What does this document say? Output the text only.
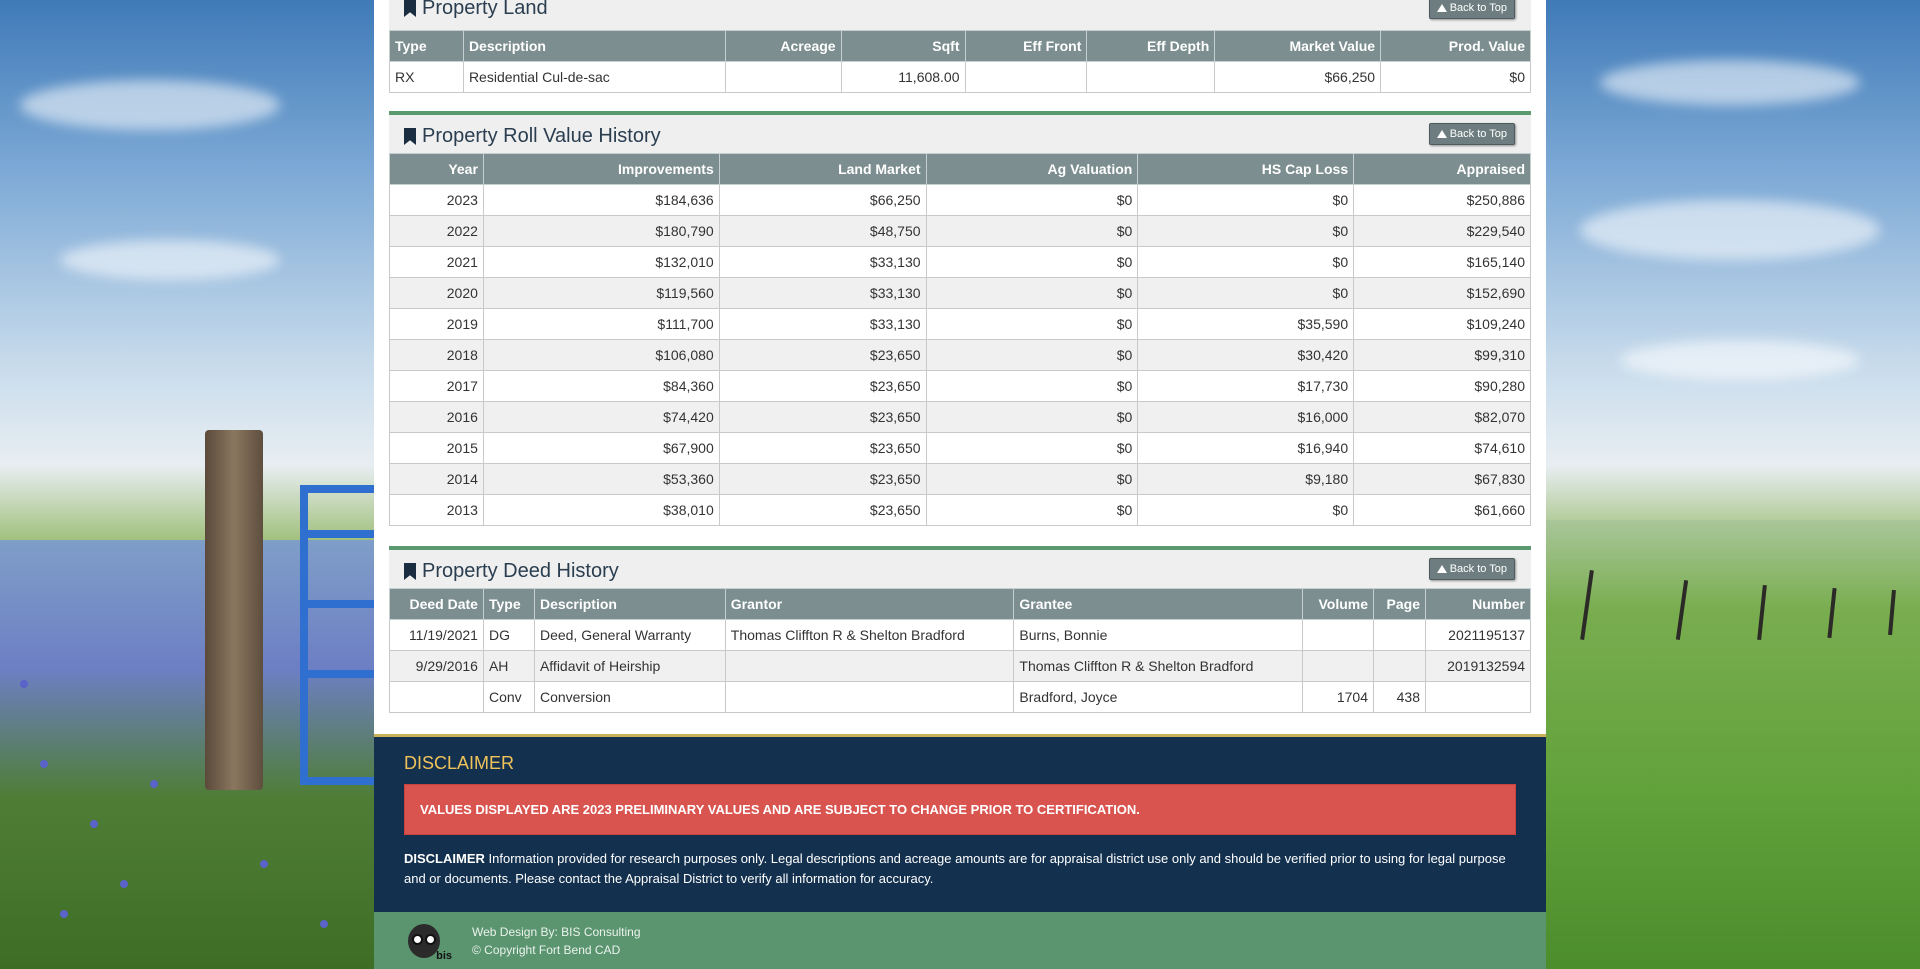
Property Land	Back to Top
Type	Description	Acreage	Sqft	Eff Front	Eff Depth	Market Value	Prod. Value
RX	Residential Cul-de-sac		11,608.00			$66,250	$0
Property Roll Value History	Back to Top
Year	Improvements	Land Market	Ag Valuation	HS Cap Loss	Appraised
2023	$184,636	$66,250	$0	$0	$250,886
2022	$180,790	$48,750	$0	$0	$229,540
2021	$132,010	$33,130	$0	$0	$165,140
2020	$119,560	$33,130	$0	$0	$152,690
2019	$111,700	$33,130	$0	$35,590	$109,240
2018	$106,080	$23,650	$0	$30,420	$99,310
2017	$84,360	$23,650	$0	$17,730	$90,280
2016	$74,420	$23,650	$0	$16,000	$82,070
2015	$67,900	$23,650	$0	$16,940	$74,610
2014	$53,360	$23,650	$0	$9,180	$67,830
2013	$38,010	$23,650	$0	$0	$61,660
Property Deed History	Back to Top
Deed Date	Type	Description	Grantor	Grantee	Volume	Page	Number
11/19/2021	DG	Deed, General Warranty	Thomas Cliffton R & Shelton Bradford	Burns, Bonnie			2021195137
9/29/2016	AH	Affidavit of Heirship		Thomas Cliffton R & Shelton Bradford			2019132594
	Conv	Conversion		Bradford, Joyce	1704	438	
DISCLAIMER
VALUES DISPLAYED ARE 2023 PRELIMINARY VALUES AND ARE SUBJECT TO CHANGE PRIOR TO CERTIFICATION.
DISCLAIMER Information provided for research purposes only. Legal descriptions and acreage amounts are for appraisal district use only and should be verified prior to using for legal purpose and or documents. Please contact the Appraisal District to verify all information for accuracy.
bis
Web Design By: BIS Consulting
© Copyright Fort Bend CAD
